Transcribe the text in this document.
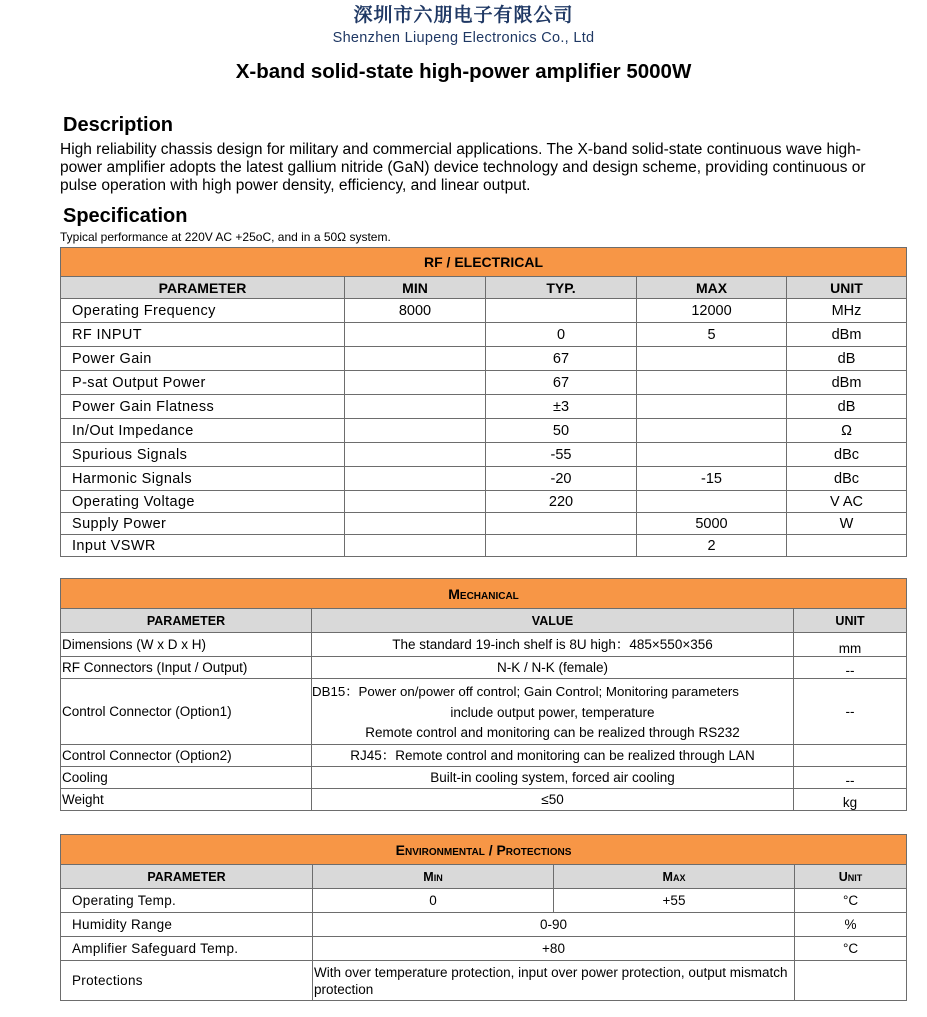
深圳市六朋电子有限公司
Shenzhen Liupeng Electronics Co., Ltd
X-band solid-state high-power amplifier 5000W
Description
High reliability chassis design for military and commercial applications. The X-band solid-state continuous wave high-power amplifier adopts the latest gallium nitride (GaN) device technology and design scheme, providing continuous or pulse operation with high power density, efficiency, and linear output.
Specification
Typical performance at 220V AC +25oC, and in a 50Ω system.
RF / ELECTRICAL				
PARAMETER	MIN	TYP.	MAX	UNIT
Operating Frequency	8000		12000	MHz
RF INPUT		0	5	dBm
Power Gain		67		dB
P-sat Output Power		67		dBm
Power Gain Flatness		±3		dB
In/Out Impedance		50		Ω
Spurious Signals		-55		dBc
Harmonic Signals		-20	-15	dBc
Operating Voltage		220		V AC
Supply Power			5000	W
Input VSWR			2	
Mechanical		
PARAMETER	VALUE	UNIT
Dimensions (W x D x H)	The standard 19-inch shelf is 8U high：485×550×356	mm
RF Connectors (Input / Output)	N-K / N-K (female)	--
Control Connector (Option1)	DB15：Power on/power off control; Gain Control; Monitoring parameters
include output power, temperature
Remote control and monitoring can be realized through RS232	--
Control Connector (Option2)	RJ45：Remote control and monitoring can be realized through LAN	
Cooling	Built-in cooling system, forced air cooling	--
Weight	≤50	kg
Environmental / Protections			
PARAMETER	Min	Max	Unit
Operating Temp.	0	+55	°C
Humidity Range	0-90		%
Amplifier Safeguard Temp.	+80		°C
Protections	With over temperature protection, input over power protection, output mismatch protection		
